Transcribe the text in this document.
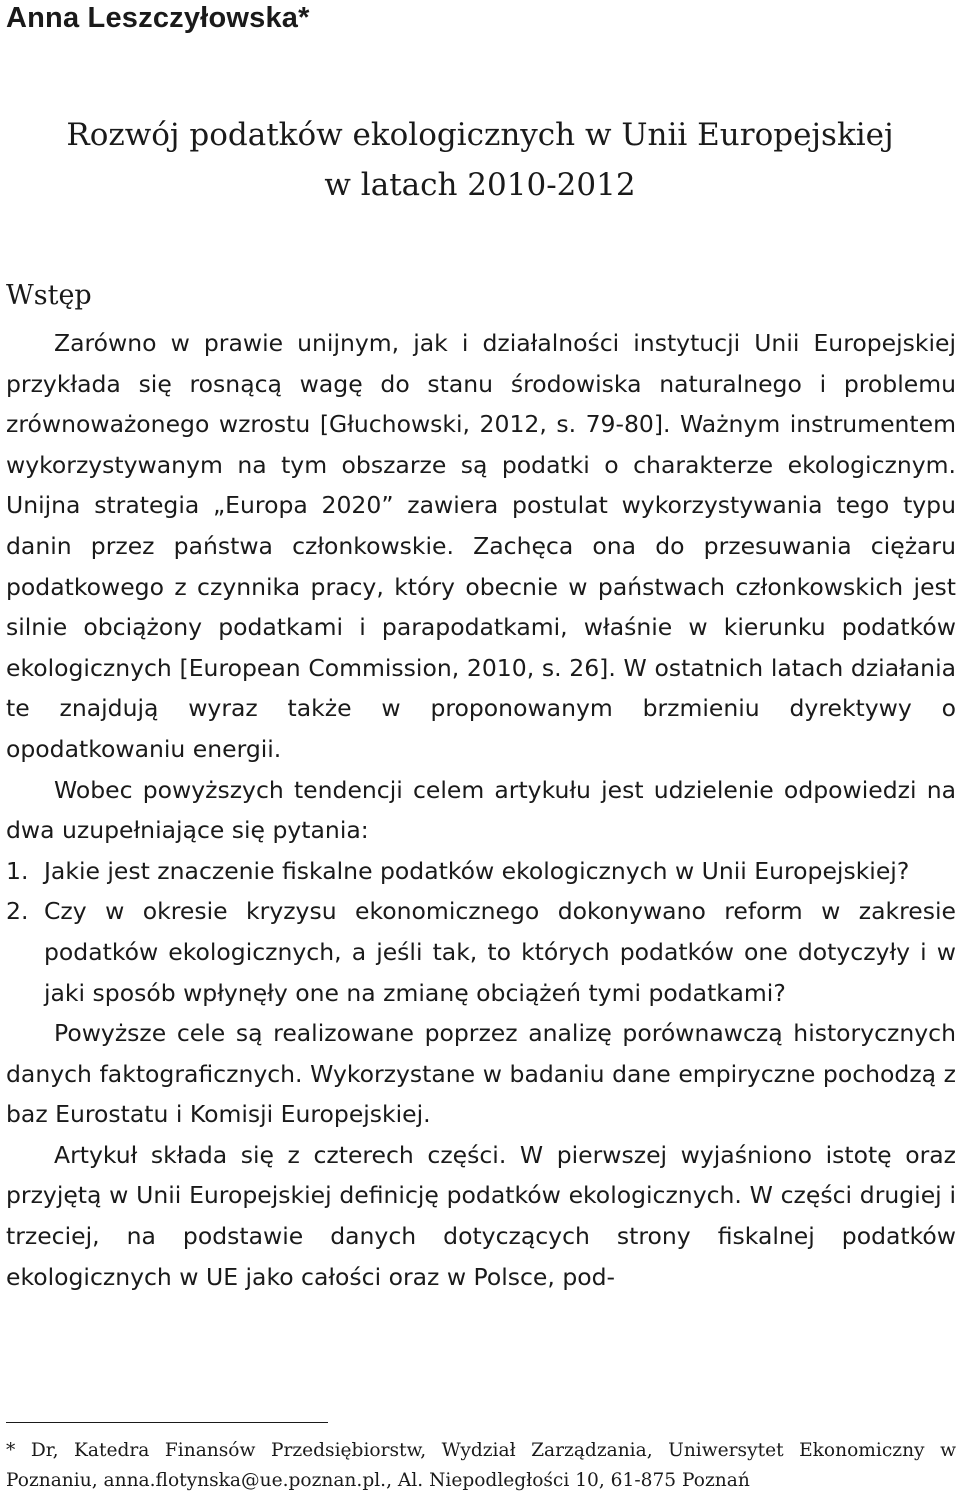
Anna Leszczyłowska*
Rozwój podatków ekologicznych w Unii Europejskiej
w latach 2010-2012
Wstęp

Zarówno w prawie unijnym, jak i działalności instytucji Unii Europejskiej przykłada się rosnącą wagę do stanu środowiska naturalnego i problemu zrównoważonego wzrostu [Głuchowski, 2012, s. 79-80]. Ważnym instrumentem wykorzystywanym na tym obszarze są podatki o charakterze ekologicznym. Unijna strategia „Europa 2020” zawiera postulat wykorzystywania tego typu danin przez państwa członkowskie. Zachęca ona do przesuwania ciężaru podatkowego z czynnika pracy, który obecnie w państwach członkowskich jest silnie obciążony podatkami i parapodatkami, właśnie w kierunku podatków ekologicznych [European Commission, 2010, s. 26]. W ostatnich latach działania te znajdują wyraz także w proponowanym brzmieniu dyrektywy o opodatkowaniu energii.

Wobec powyższych tendencji celem artykułu jest udzielenie odpowiedzi na dwa uzupełniające się pytania:

1. Jakie jest znaczenie fiskalne podatków ekologicznych w Unii Europejskiej?
2. Czy w okresie kryzysu ekonomicznego dokonywano reform w zakresie podatków ekologicznych, a jeśli tak, to których podatków one dotyczyły i w jaki sposób wpłynęły one na zmianę obciążeń tymi podatkami?

Powyższe cele są realizowane poprzez analizę porównawczą historycznych danych faktograficznych. Wykorzystane w badaniu dane empiryczne pochodzą z baz Eurostatu i Komisji Europejskiej.

Artykuł składa się z czterech części. W pierwszej wyjaśniono istotę oraz przyjętą w Unii Europejskiej definicję podatków ekologicznych. W części drugiej i trzeciej, na podstawie danych dotyczących strony fiskalnej podatków ekologicznych w UE jako całości oraz w Polsce, pod-

* Dr, Katedra Finansów Przedsiębiorstw, Wydział Zarządzania, Uniwersytet Ekonomiczny w Poznaniu, anna.flotynska@ue.poznan.pl., Al. Niepodległości 10, 61-875 Poznań
